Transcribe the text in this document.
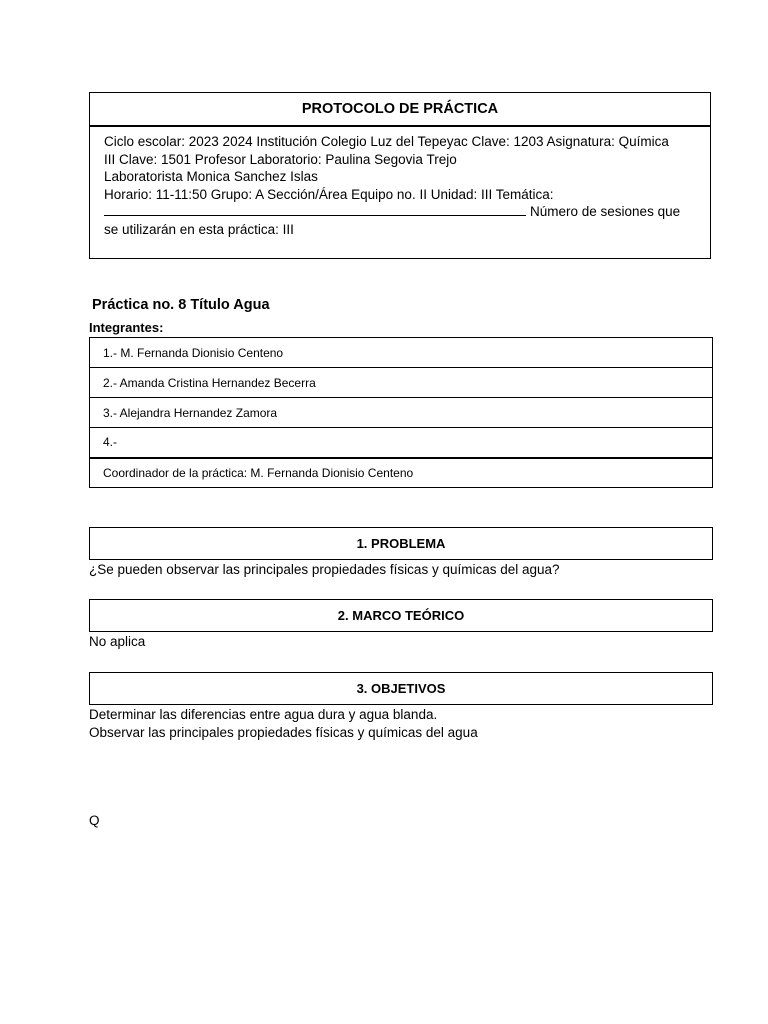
PROTOCOLO DE PRÁCTICA
Ciclo escolar: 2023 2024 Institución Colegio Luz del Tepeyac Clave: 1203 Asignatura: Química
III Clave: 1501 Profesor Laboratorio: Paulina Segovia Trejo
Laboratorista Monica Sanchez Islas
Horario: 11-11:50 Grupo: A Sección/Área Equipo no. II Unidad: III Temática:
Número de sesiones que
se utilizarán en esta práctica: III
Práctica no. 8 Título Agua
Integrantes:
1.- M. Fernanda Dionisio Centeno
2.- Amanda Cristina Hernandez Becerra
3.- Alejandra Hernandez Zamora
4.-
Coordinador de la práctica: M. Fernanda Dionisio Centeno
1. PROBLEMA
¿Se pueden observar las principales propiedades físicas y químicas del agua?
2. MARCO TEÓRICO
No aplica
3. OBJETIVOS
Determinar las diferencias entre agua dura y agua blanda.
Observar las principales propiedades físicas y químicas del agua
Q
